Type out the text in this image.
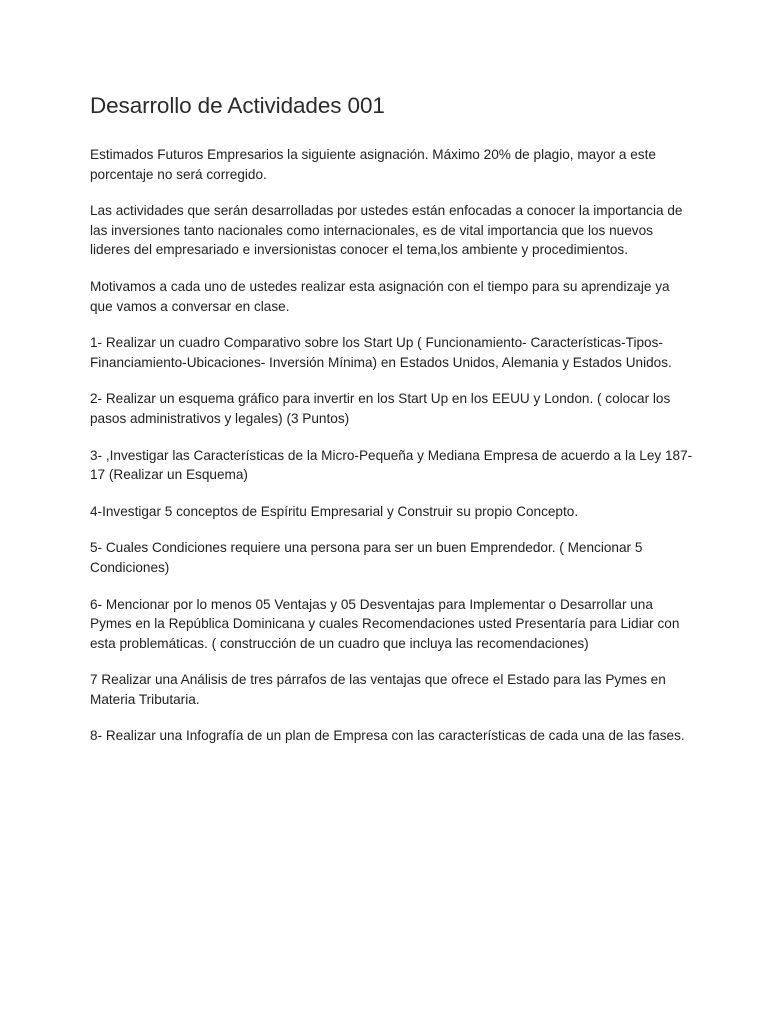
Desarrollo de Actividades 001

Estimados Futuros Empresarios la siguiente asignación. Máximo 20% de plagio, mayor a este porcentaje no será corregido.

Las actividades que serán desarrolladas por ustedes están enfocadas a conocer la importancia de las inversiones tanto nacionales como internacionales, es de vital importancia que los nuevos lideres del empresariado e inversionistas conocer el tema,los ambiente y procedimientos.

Motivamos a cada uno de ustedes realizar esta asignación con el tiempo para su aprendizaje ya que vamos a conversar en clase.

1- Realizar un cuadro Comparativo sobre los Start Up ( Funcionamiento- Características-Tipos-Financiamiento-Ubicaciones- Inversión Mínima) en Estados Unidos, Alemania y Estados Unidos.

2- Realizar un esquema gráfico para invertir en los Start Up en los EEUU y London. ( colocar los pasos administrativos y legales) (3 Puntos)

3- ,Investigar las Características de la Micro-Pequeña y Mediana Empresa de acuerdo a la Ley 187-17 (Realizar un Esquema)

4-Investigar 5 conceptos de Espíritu Empresarial y Construir su propio Concepto.

5- Cuales Condiciones requiere una persona para ser un buen Emprendedor. ( Mencionar 5 Condiciones)

6- Mencionar por lo menos 05 Ventajas y 05 Desventajas para Implementar o Desarrollar una Pymes en la República Dominicana y cuales Recomendaciones usted Presentaría para Lidiar con esta problemáticas. ( construcción de un cuadro que incluya las recomendaciones)

7 Realizar una Análisis de tres párrafos de las ventajas que ofrece el Estado para las Pymes en Materia Tributaria.

8- Realizar una Infografía de un plan de Empresa con las características de cada una de las fases.
